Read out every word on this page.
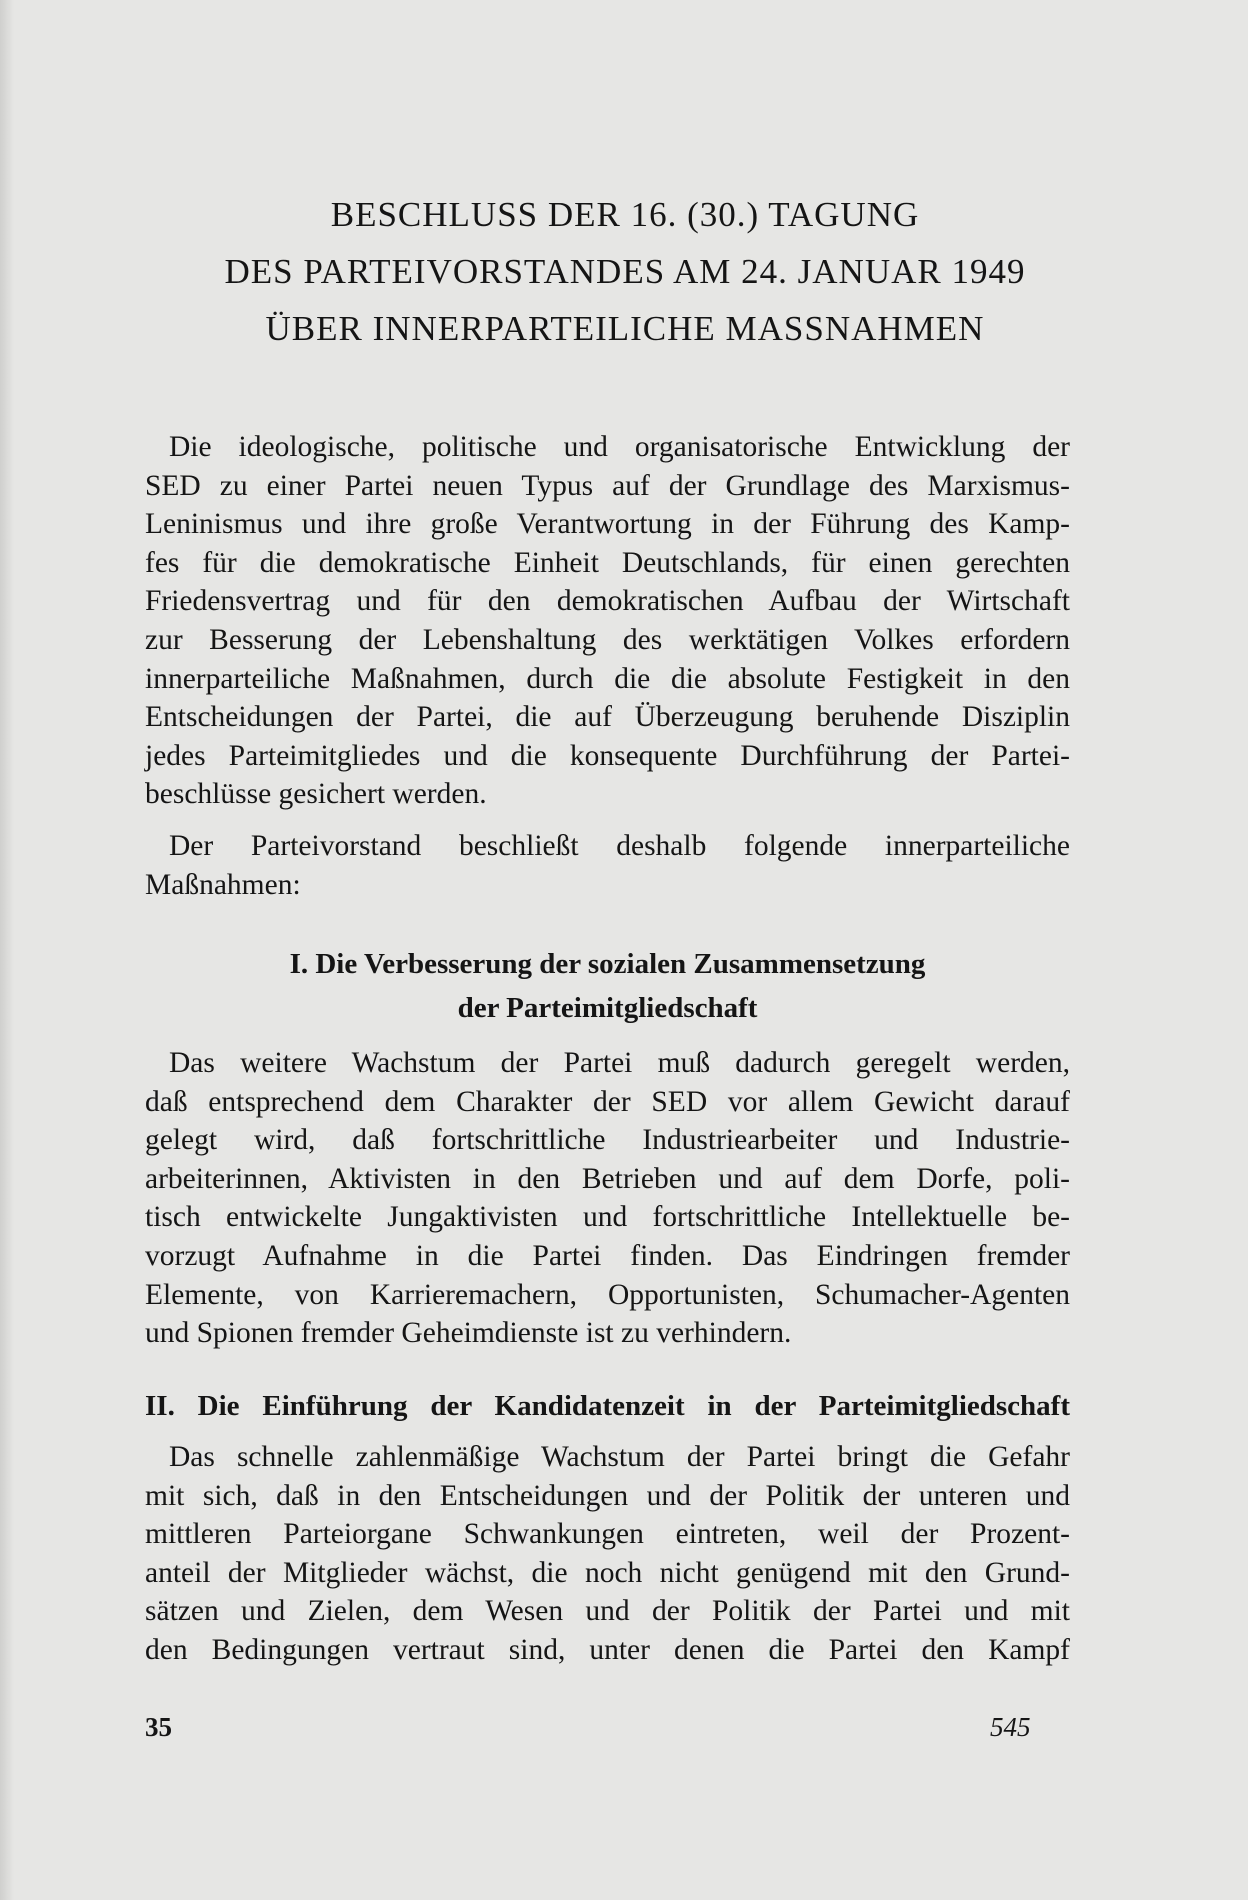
BESCHLUSS DER 16. (30.) TAGUNG
DES PARTEIVORSTANDES AM 24. JANUAR 1949
ÜBER INNERPARTEILICHE MASSNAHMEN

Die ideologische, politische und organisatorische Entwicklung der
SED zu einer Partei neuen Typus auf der Grundlage des Marxismus-
Leninismus und ihre große Verantwortung in der Führung des Kamp-
fes für die demokratische Einheit Deutschlands, für einen gerechten
Friedensvertrag und für den demokratischen Aufbau der Wirtschaft
zur Besserung der Lebenshaltung des werktätigen Volkes erfordern
innerparteiliche Maßnahmen, durch die die absolute Festigkeit in den
Entscheidungen der Partei, die auf Überzeugung beruhende Disziplin
jedes Parteimitgliedes und die konsequente Durchführung der Partei-
beschlüsse gesichert werden.

Der Parteivorstand beschließt deshalb folgende innerparteiliche
Maßnahmen:

I. Die Verbesserung der sozialen Zusammensetzung
der Parteimitgliedschaft

Das weitere Wachstum der Partei muß dadurch geregelt werden,
daß entsprechend dem Charakter der SED vor allem Gewicht darauf
gelegt wird, daß fortschrittliche Industriearbeiter und Industrie-
arbeiterinnen, Aktivisten in den Betrieben und auf dem Dorfe, poli-
tisch entwickelte Jungaktivisten und fortschrittliche Intellektuelle be-
vorzugt Aufnahme in die Partei finden. Das Eindringen fremder
Elemente, von Karrieremachern, Opportunisten, Schumacher-Agenten
und Spionen fremder Geheimdienste ist zu verhindern.

II. Die Einführung der Kandidatenzeit in der Parteimitgliedschaft

Das schnelle zahlenmäßige Wachstum der Partei bringt die Gefahr
mit sich, daß in den Entscheidungen und der Politik der unteren und
mittleren Parteiorgane Schwankungen eintreten, weil der Prozent-
anteil der Mitglieder wächst, die noch nicht genügend mit den Grund-
sätzen und Zielen, dem Wesen und der Politik der Partei und mit
den Bedingungen vertraut sind, unter denen die Partei den Kampf

35	545
